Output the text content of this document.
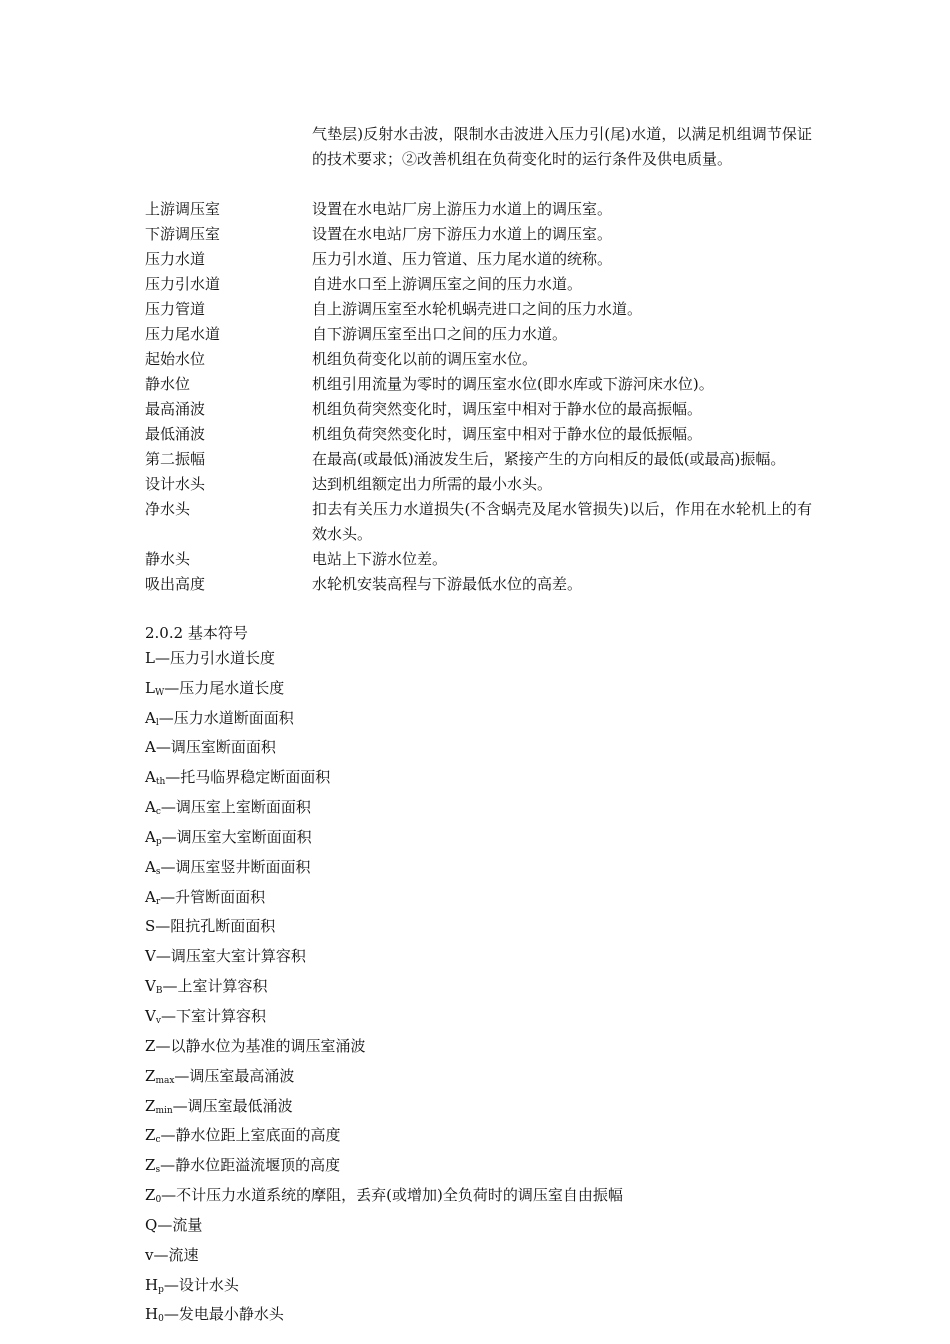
气垫层)反射水击波，限制水击波进入压力引(尾)水道，以满足机组调节保证的技术要求；②改善机组在负荷变化时的运行条件及供电质量。
上游调压室	设置在水电站厂房上游压力水道上的调压室。
下游调压室	设置在水电站厂房下游压力水道上的调压室。
压力水道	压力引水道、压力管道、压力尾水道的统称。
压力引水道	自进水口至上游调压室之间的压力水道。
压力管道	自上游调压室至水轮机蜗壳进口之间的压力水道。
压力尾水道	自下游调压室至出口之间的压力水道。
起始水位	机组负荷变化以前的调压室水位。
静水位	机组引用流量为零时的调压室水位(即水库或下游河床水位)。
最高涌波	机组负荷突然变化时，调压室中相对于静水位的最高振幅。
最低涌波	机组负荷突然变化时，调压室中相对于静水位的最低振幅。
第二振幅	在最高(或最低)涌波发生后，紧接产生的方向相反的最低(或最高)振幅。
设计水头	达到机组额定出力所需的最小水头。
净水头	扣去有关压力水道损失(不含蜗壳及尾水管损失)以后，作用在水轮机上的有效水头。
静水头	电站上下游水位差。
吸出高度	水轮机安装高程与下游最低水位的高差。
2.0.2 基本符号
L—压力引水道长度
$L_W—$压力尾水道长度
$A_l—$压力水道断面面积
A—调压室断面面积
$A_{th}—$托马临界稳定断面面积
$A_c—$调压室上室断面面积
$A_p—$调压室大室断面面积
$A_s—$调压室竖井断面面积
$A_r—$升管断面面积
S—阻抗孔断面面积
V—调压室大室计算容积
$V_B—$上室计算容积
$V_v—$下室计算容积
Z—以静水位为基准的调压室涌波
$Z_{max}—$调压室最高涌波
$Z_{min}—$调压室最低涌波
$Z_c—$静水位距上室底面的高度
$Z_s—$静水位距溢流堰顶的高度
$Z_0—$不计压力水道系统的摩阻，丢弃(或增加)全负荷时的调压室自由振幅
Q—流量
v—流速
$H_p—$设计水头
$H_0—$发电最小静水头
